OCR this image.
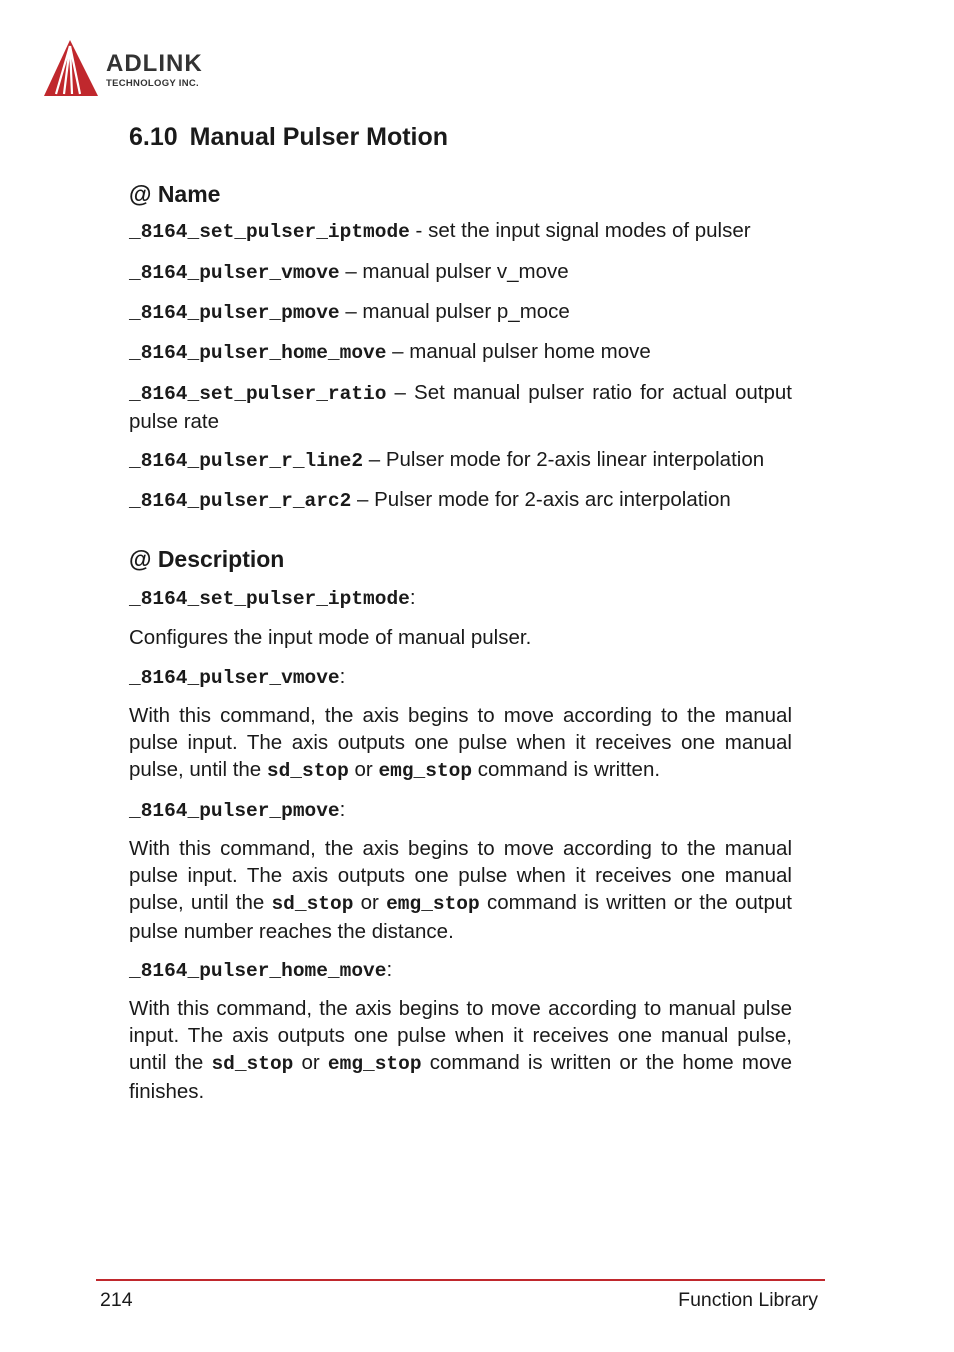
ADLINK
TECHNOLOGY INC.
6.10 Manual Pulser Motion
@ Name

_8164_set_pulser_iptmode - set the input signal modes of pulser

_8164_pulser_vmove – manual pulser v_move

_8164_pulser_pmove – manual pulser p_moce

_8164_pulser_home_move – manual pulser home move

_8164_set_pulser_ratio – Set manual pulser ratio for actual output pulse rate

_8164_pulser_r_line2 – Pulser mode for 2-axis linear interpolation

_8164_pulser_r_arc2 – Pulser mode for 2-axis arc interpolation

@ Description

_8164_set_pulser_iptmode:

Configures the input mode of manual pulser.

_8164_pulser_vmove:

With this command, the axis begins to move according to the manual pulse input. The axis outputs one pulse when it receives one manual pulse, until the sd_stop or emg_stop command is written.

_8164_pulser_pmove:

With this command, the axis begins to move according to the manual pulse input. The axis outputs one pulse when it receives one manual pulse, until the sd_stop or emg_stop command is written or the output pulse number reaches the distance.

_8164_pulser_home_move:

With this command, the axis begins to move according to manual pulse input. The axis outputs one pulse when it receives one manual pulse, until the sd_stop or emg_stop command is written or the home move finishes.

214	Function Library
